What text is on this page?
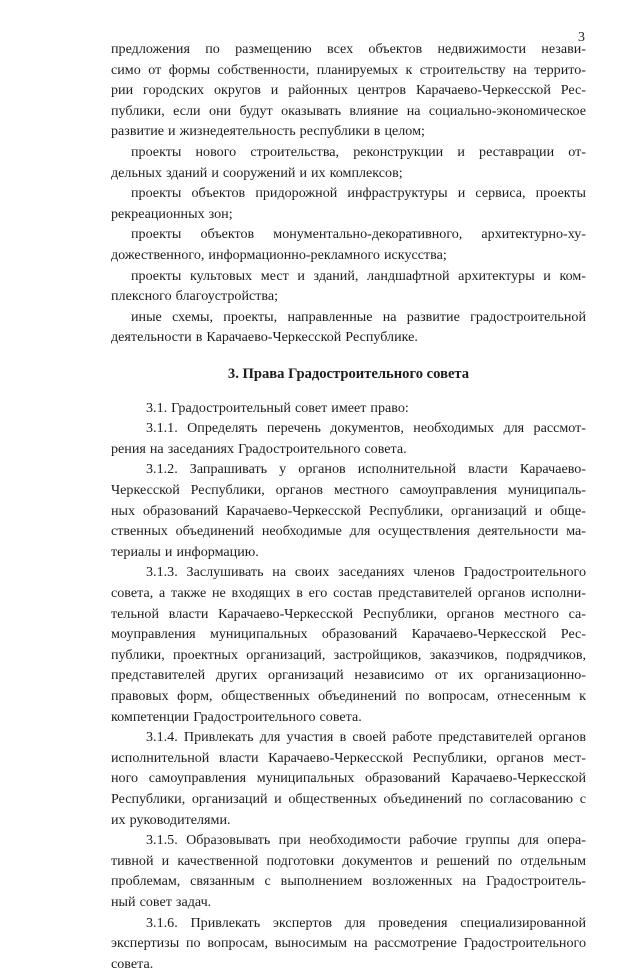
3
предложения по размещению всех объектов недвижимости незави-
симо от формы собственности, планируемых к строительству на террито-
рии городских округов и районных центров Карачаево-Черкесской Рес-
публики, если они будут оказывать влияние на социально-экономическое
развитие и жизнедеятельность республики в целом;
проекты нового строительства, реконструкции и реставрации от-
дельных зданий и сооружений и их комплексов;
проекты объектов придорожной инфраструктуры и сервиса, проекты
рекреационных зон;
проекты объектов монументально-декоративного, архитектурно-ху-
дожественного, информационно-рекламного искусства;
проекты культовых мест и зданий, ландшафтной архитектуры и ком-
плексного благоустройства;
иные схемы, проекты, направленные на развитие градостроительной
деятельности в Карачаево-Черкесской Республике.
3. Права Градостроительного совета
3.1. Градостроительный совет имеет право:
3.1.1. Определять перечень документов, необходимых для рассмот-
рения на заседаниях Градостроительного совета.
3.1.2. Запрашивать у органов исполнительной власти Карачаево-
Черкесской Республики, органов местного самоуправления муниципаль-
ных образований Карачаево-Черкесской Республики, организаций и обще-
ственных объединений необходимые для осуществления деятельности ма-
териалы и информацию.
3.1.3. Заслушивать на своих заседаниях членов Градостроительного
совета, а также не входящих в его состав представителей органов исполни-
тельной власти Карачаево-Черкесской Республики, органов местного са-
моуправления муниципальных образований Карачаево-Черкесской Рес-
публики, проектных организаций, застройщиков, заказчиков, подрядчиков,
представителей других организаций независимо от их организационно-
правовых форм, общественных объединений по вопросам, отнесенным к
компетенции Градостроительного совета.
3.1.4. Привлекать для участия в своей работе представителей органов
исполнительной власти Карачаево-Черкесской Республики, органов мест-
ного самоуправления муниципальных образований Карачаево-Черкесской
Республики, организаций и общественных объединений по согласованию с
их руководителями.
3.1.5. Образовывать при необходимости рабочие группы для опера-
тивной и качественной подготовки документов и решений по отдельным
проблемам, связанным с выполнением возложенных на Градостроитель-
ный совет задач.
3.1.6. Привлекать экспертов для проведения специализированной
экспертизы по вопросам, выносимым на рассмотрение Градостроительного
совета.
